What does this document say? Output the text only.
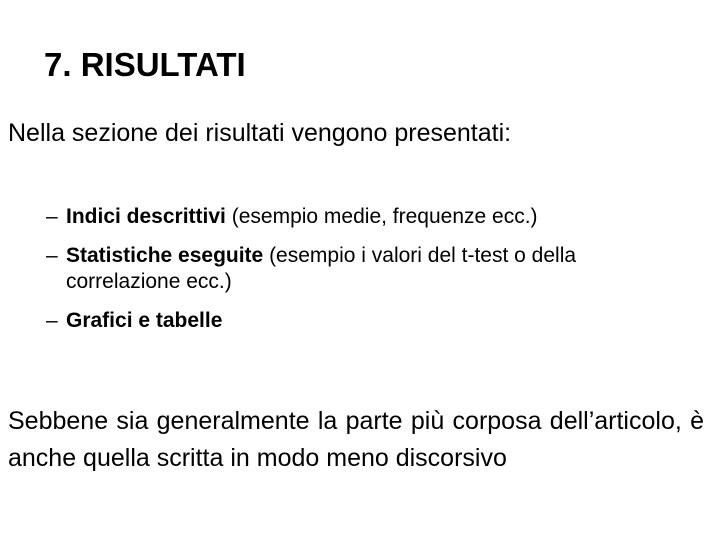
7. RISULTATI
Nella sezione dei risultati vengono presentati:
– Indici descrittivi (esempio medie, frequenze ecc.)
– Statistiche eseguite (esempio i valori del t-test o della correlazione ecc.)
– Grafici e tabelle

Sebbene sia generalmente la parte più corposa dell’articolo, è anche quella scritta in modo meno discorsivo
